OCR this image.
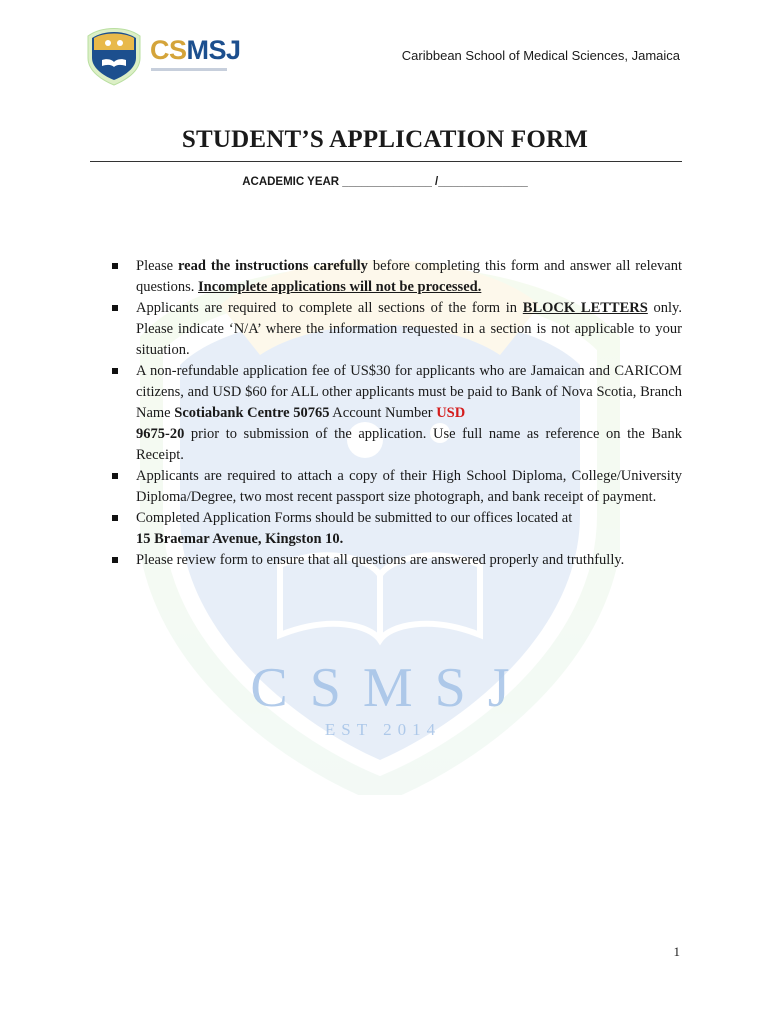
CSMSJ
EST 2014
CSMSJ	Caribbean School of Medical Sciences, Jamaica
STUDENT’S APPLICATION FORM
ACADEMIC YEAR ______________ /______________
Please read the instructions carefully before completing this form and answer all relevant questions. Incomplete applications will not be processed.
Applicants are required to complete all sections of the form in BLOCK LETTERS only. Please indicate ‘N/A’ where the information requested in a section is not applicable to your situation.
A non-refundable application fee of US$30 for applicants who are Jamaican and CARICOM citizens, and USD $60 for ALL other applicants must be paid to Bank of Nova Scotia, Branch Name Scotiabank Centre 50765 Account Number USD
9675-20 prior to submission of the application. Use full name as reference on the Bank Receipt.
Applicants are required to attach a copy of their High School Diploma, College/University Diploma/Degree, two most recent passport size photograph, and bank receipt of payment.
Completed Application Forms should be submitted to our offices located at
15 Braemar Avenue, Kingston 10.
Please review form to ensure that all questions are answered properly and truthfully.
1
